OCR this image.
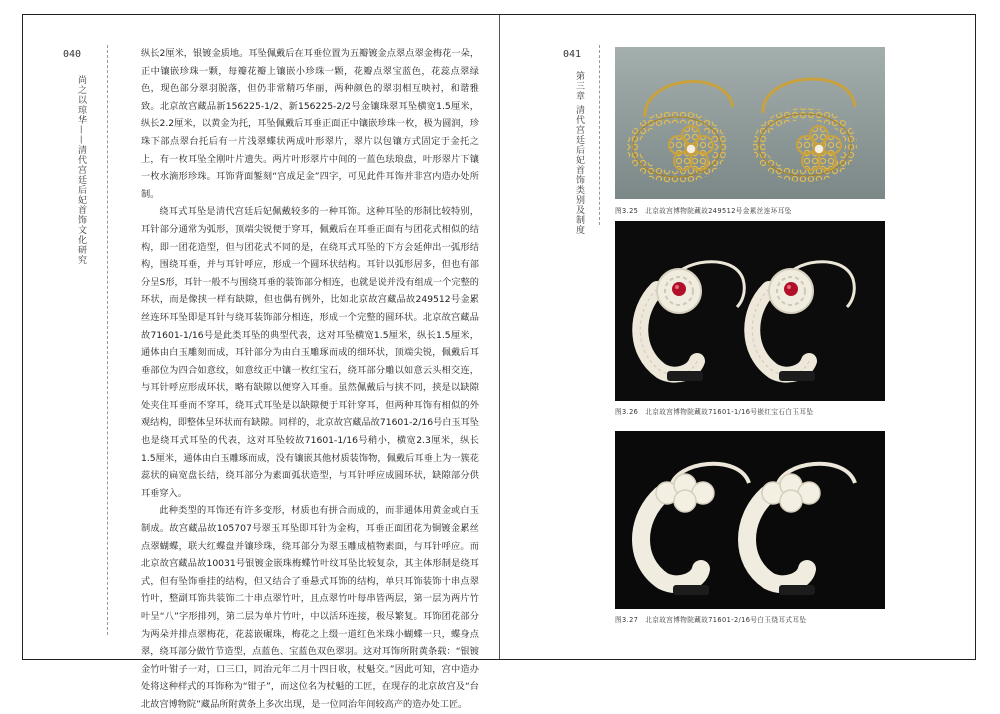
040
尚之以琼华——清代宫廷后妃首饰文化研究

纵长2厘米，银镀金质地。耳坠佩戴后在耳垂位置为五瓣镀金点翠点翠金梅花一朵，正中镶嵌珍珠一颗，每瓣花瓣上镶嵌小珍珠一颗，花瓣点翠宝蓝色，花蕊点翠绿色，现色部分翠羽脱落，但仍非常精巧华丽，两种颜色的翠羽相互映衬，和谐雅致。北京故宫藏品新156225-1/2、新156225-2/2号金镶珠翠耳坠横宽1.5厘米，纵长2.2厘米，以黄金为托，耳坠佩戴后耳垂正面正中镶嵌珍珠一枚，极为圆润，珍珠下部点翠台托后有一片浅翠蝶状两成叶形翠片，翠片以包镶方式固定于金托之上，有一枚耳坠全刚叶片遗失。两片叶形翠片中间的一蓝色珐琅盘，叶形翠片下镶一枚水滴形珍珠。耳饰背面錾刻“宫成足金”四字，可见此件耳饰并非宫内造办处所制。

绕耳式耳坠是清代宫廷后妃佩戴较多的一种耳饰。这种耳坠的形制比较特别，耳针部分通常为弧形，顶端尖锐便于穿耳，佩戴后在耳垂正面有与团花式相似的结构，即一团花造型，但与团花式不同的是，在绕耳式耳坠的下方会延伸出一弧形结构，围绕耳垂，并与耳针呼应，形成一个圆环状结构。耳针以弧形居多，但也有部分呈S形，耳针一般不与围绕耳垂的装饰部分相连，也就是说并没有组成一个完整的环状，而是像挟一样有缺隙，但也偶有例外，比如北京故宫藏品故249512号金累丝连环耳坠即是耳针与绕耳装饰部分相连，形成一个完整的圆环状。北京故宫藏品故71601-1/16号是此类耳坠的典型代表，这对耳坠横宽1.5厘米，纵长1.5厘米，通体由白玉雕刻而成，耳针部分为由白玉雕琢而成的细环状，顶端尖锐，佩戴后耳垂部位为四合如意纹，如意纹正中镶一枚红宝石，绕耳部分雕以如意云头相交连，与耳针呼应形成环状，略有缺隙以便穿入耳垂。虽然佩戴后与挟不同，挟是以缺隙处夹住耳垂而不穿耳，绕耳式耳坠是以缺隙便于耳针穿耳，但两种耳饰有相似的外观结构，即整体呈环状而有缺隙。同样的，北京故宫藏品故71601-2/16号白玉耳坠也是绕耳式耳坠的代表，这对耳坠较故71601-1/16号稍小，横宽2.3厘米，纵长1.5厘米，通体由白玉雕琢而成，没有镶嵌其他材质装饰物，佩戴后耳垂上为一簇花蕊状的扁宽盘长结，绕耳部分为素面弧状造型，与耳针呼应成圆环状，缺隙部分供耳垂穿入。

此种类型的耳饰还有许多变形，材质也有拼合而成的，而非通体用黄金或白玉制成。故宫藏品故105707号翠玉耳坠即耳针为金构，耳垂正面团花为铜镀金累丝点翠蝴蝶，联大红蝶盘并镶珍珠，绕耳部分为翠玉雕成植物素面，与耳针呼应。而北京故宫藏品故10031号银镀金嵌珠梅蝶竹叶纹耳坠比较复杂，其主体形制是绕耳式，但有坠饰垂挂的结构，但又结合了垂悬式耳饰的结构，单只耳饰装饰十串点翠竹叶，整副耳饰共装饰二十串点翠竹叶，且点翠竹叶每串皆两层，第一层为两片竹叶呈“八”字形排列，第二层为单片竹叶，中以活环连接，极尽繁复。耳饰团花部分为两朵并排点翠梅花，花蕊嵌碾珠，梅花之上缀一道红色米珠小蝴蝶一只，蝶身点翠，绕耳部分做竹节造型，点蓝色、宝蓝色双色翠羽。这对耳饰所附黄条载：“银镀金竹叶钳子一对，口三口，同治元年二月十四日收，杖魁交。”因此可知，宫中造办处将这种样式的耳饰称为“钳子”，而这位名为杖魁的工匠，在现存的北京故宫及“台北故宫博物院”藏品所附黄条上多次出现，是一位同治年间较高产的造办处工匠。

041
第三章 清代宫廷后妃首饰类别及制度	图3.25　北京故宫博物院藏故249512号金累丝连环耳坠
图3.26　北京故宫博物院藏故71601-1/16号嵌红宝石白玉耳坠
图3.27　北京故宫博物院藏故71601-2/16号白玉绕耳式耳坠
